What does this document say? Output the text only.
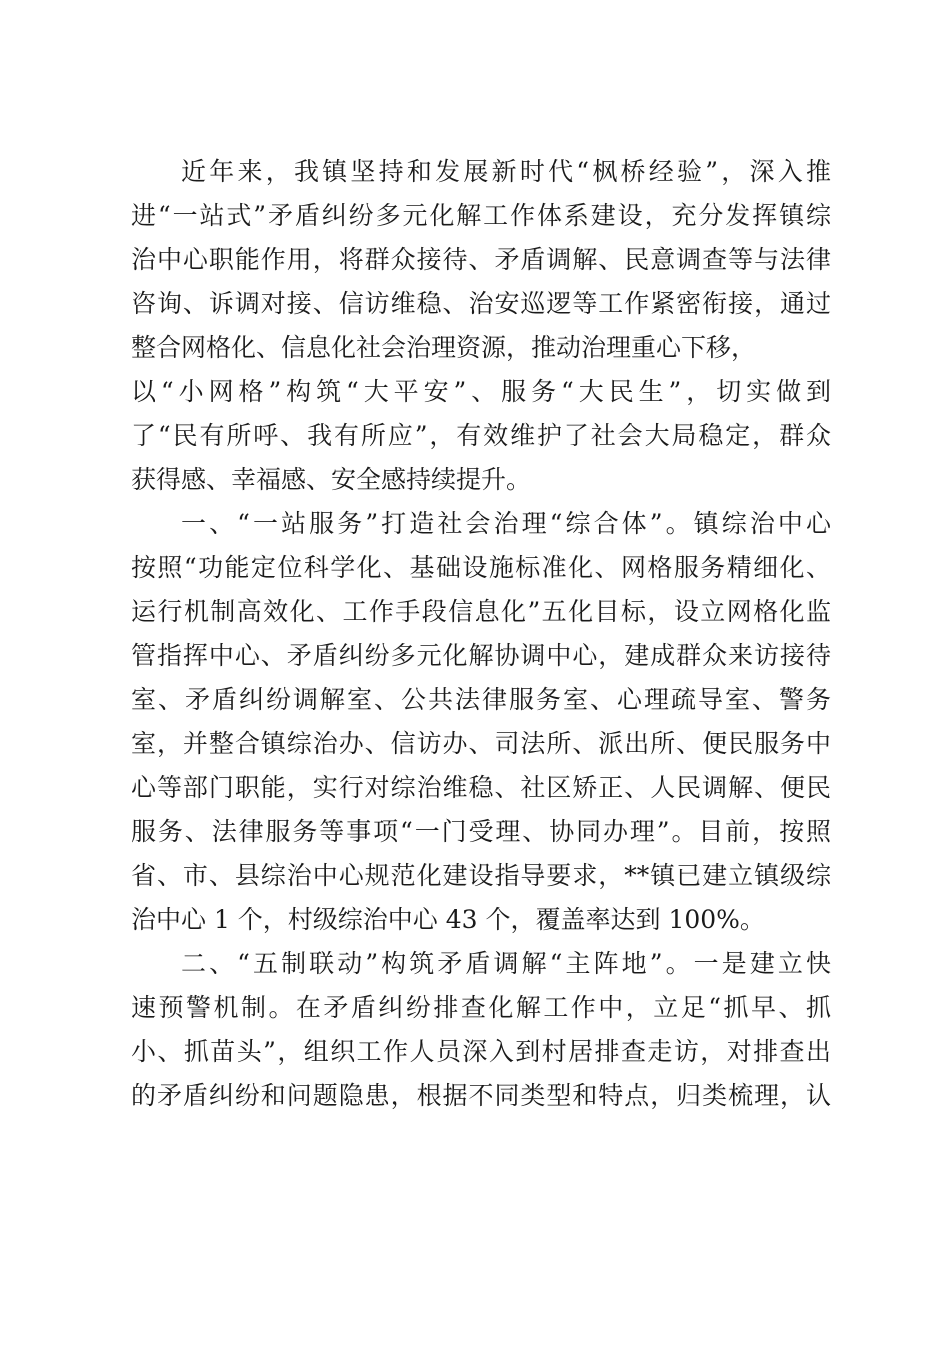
近年来，我镇坚持和发展新时代“枫桥经验”，深入推
进“一站式”矛盾纠纷多元化解工作体系建设，充分发挥镇综
治中心职能作用，将群众接待、矛盾调解、民意调查等与法律
咨询、诉调对接、信访维稳、治安巡逻等工作紧密衔接，通过
整合网格化、信息化社会治理资源，推动治理重心下移，
以“小网格”构筑“大平安”、服务“大民生”，切实做到
了“民有所呼、我有所应”，有效维护了社会大局稳定，群众
获得感、幸福感、安全感持续提升。
一、“一站服务”打造社会治理“综合体”。镇综治中心
按照“功能定位科学化、基础设施标准化、网格服务精细化、
运行机制高效化、工作手段信息化”五化目标，设立网格化监
管指挥中心、矛盾纠纷多元化解协调中心，建成群众来访接待
室、矛盾纠纷调解室、公共法律服务室、心理疏导室、警务
室，并整合镇综治办、信访办、司法所、派出所、便民服务中
心等部门职能，实行对综治维稳、社区矫正、人民调解、便民
服务、法律服务等事项“一门受理、协同办理”。目前，按照
省、市、县综治中心规范化建设指导要求，**镇已建立镇级综
治中心 1 个，村级综治中心 43 个，覆盖率达到 100%。
二、“五制联动”构筑矛盾调解“主阵地”。一是建立快
速预警机制。在矛盾纠纷排查化解工作中，立足“抓早、抓
小、抓苗头”，组织工作人员深入到村居排查走访，对排查出
的矛盾纠纷和问题隐患，根据不同类型和特点，归类梳理，认
